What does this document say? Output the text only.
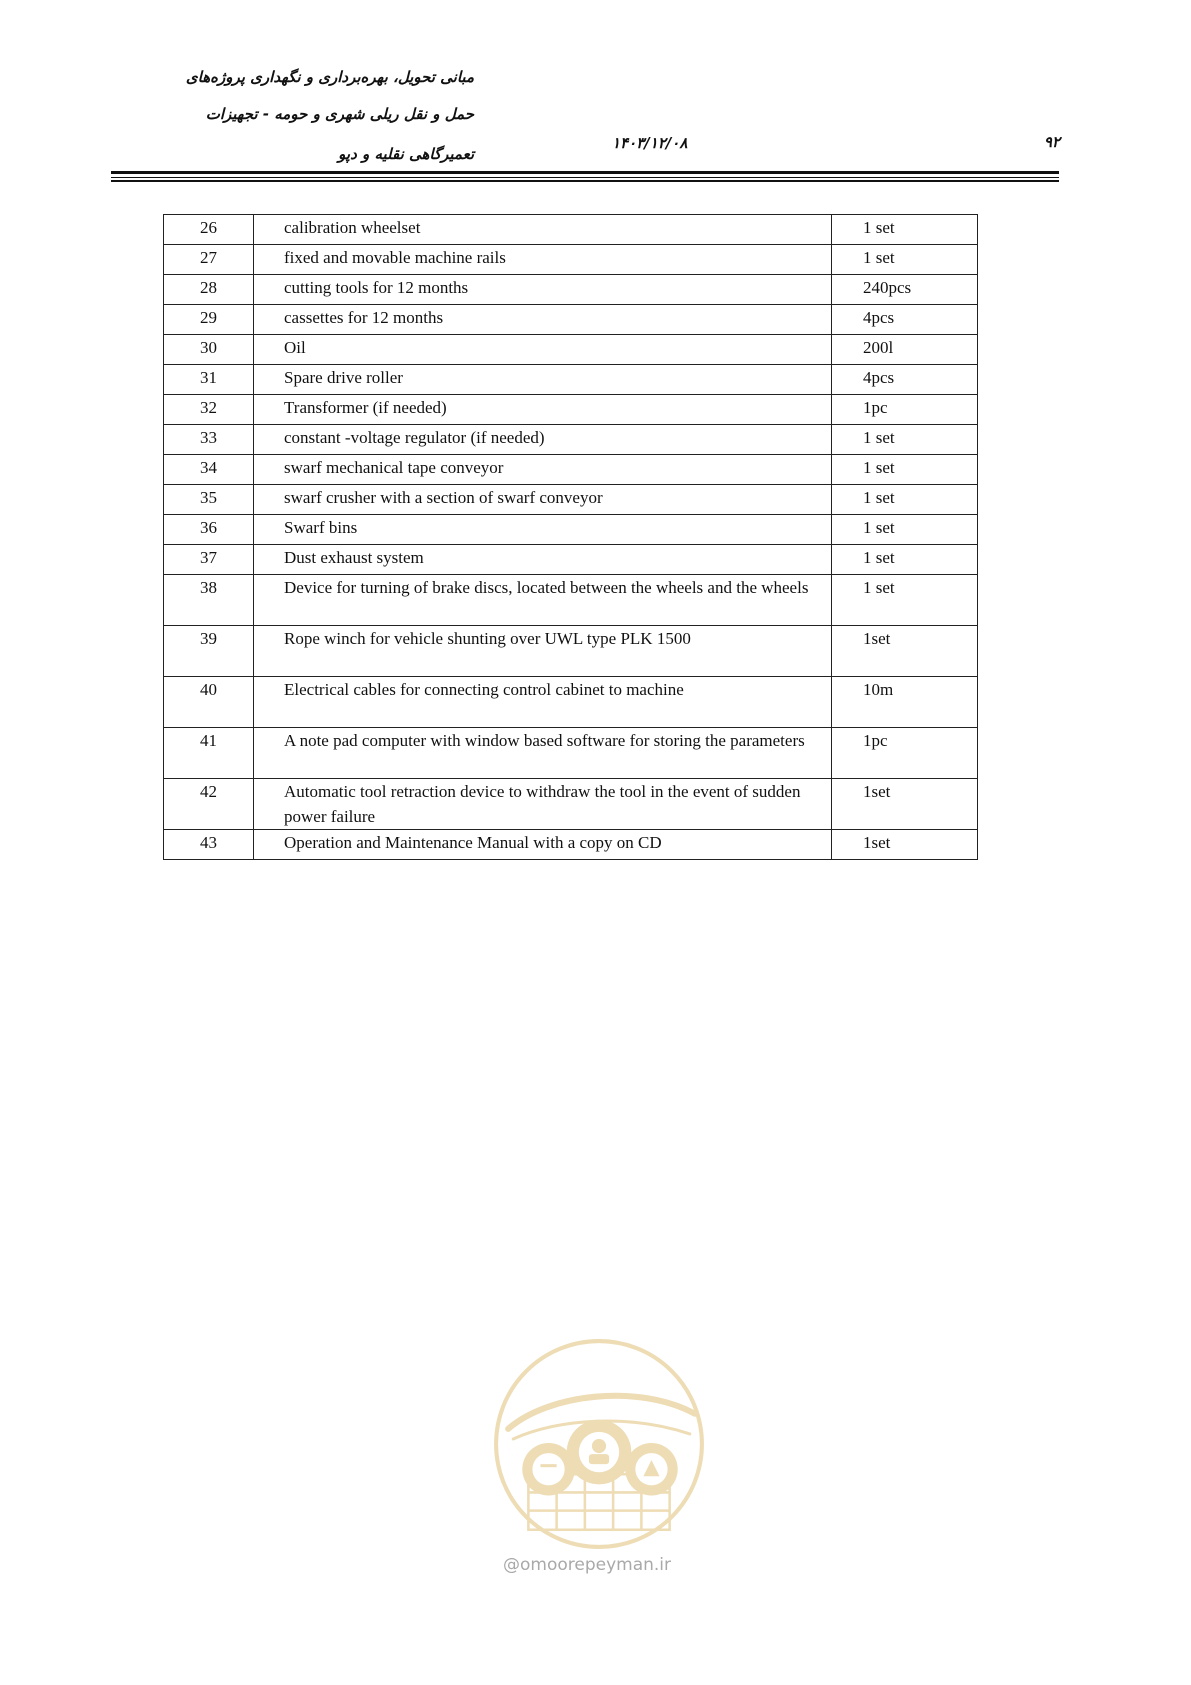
مبانی تحویل، بهره‌برداری و نگهداری پروژه‌های
حمل و نقل ریلی شهری و حومه - تجهیزات
تعمیرگاهی نقلیه و دپو
۱۴۰۳/۱۲/۰۸	۹۲
26	calibration wheelset	1 set
27	fixed and movable machine rails	1 set
28	cutting tools for 12 months	240pcs
29	cassettes for 12 months	4pcs
30	Oil	200l
31	Spare drive roller	4pcs
32	Transformer (if needed)	1pc
33	constant -voltage regulator (if needed)	1 set
34	swarf mechanical tape conveyor	1 set
35	swarf crusher with a section of swarf conveyor	1 set
36	Swarf bins	1 set
37	Dust exhaust system	1 set
38	Device for turning of brake discs, located between the wheels and the wheels	1 set
39	Rope winch for vehicle shunting over UWL type PLK 1500	1set
40	Electrical cables for connecting control cabinet to machine	10m
41	A note pad computer with window based software for storing the parameters	1pc
42	Automatic tool retraction device to withdraw the tool in the event of sudden power failure	1set
43	Operation and Maintenance Manual with a copy on CD	1set
@omoorepeyman.ir
